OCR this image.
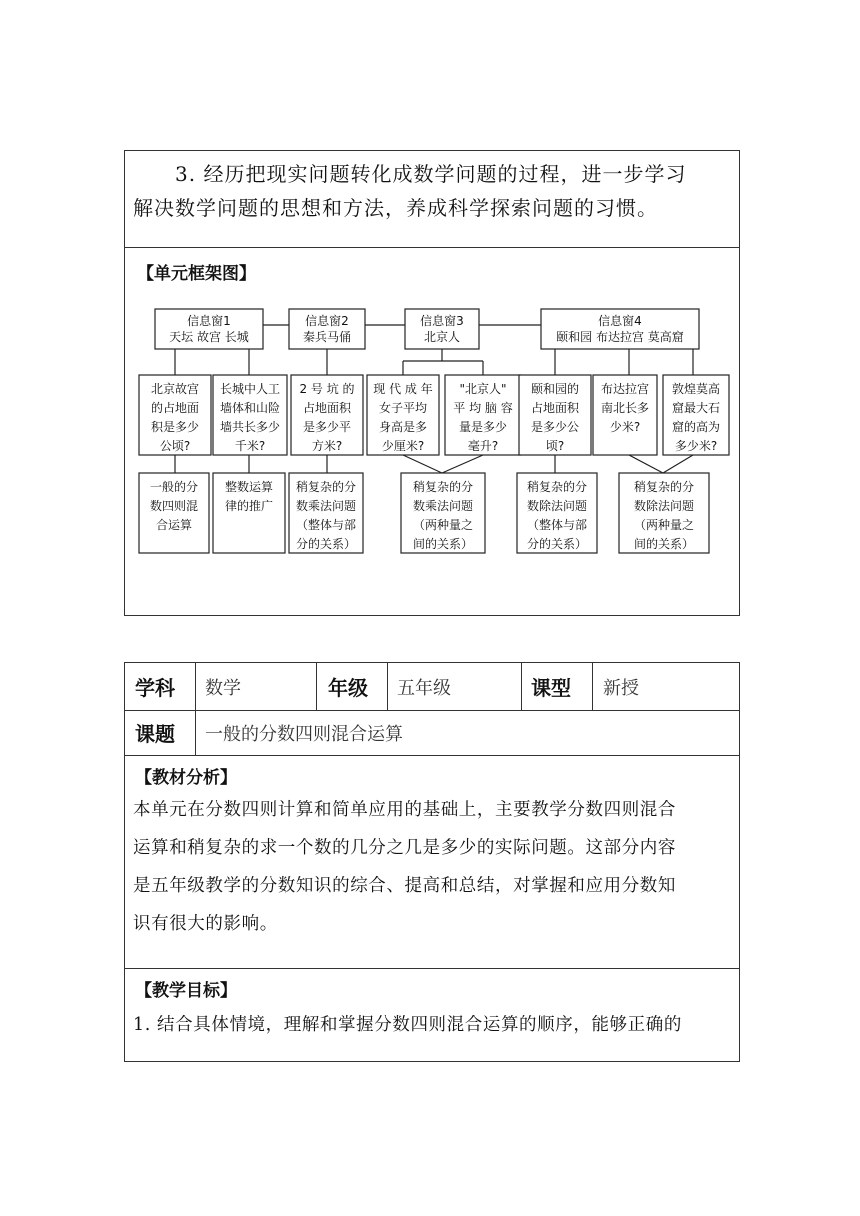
3. 经历把现实问题转化成数学问题的过程，进一步学习
解决数学问题的思想和方法，养成科学探索问题的习惯。
【单元框架图】
信息窗1
天坛 故宫 长城
信息窗2
秦兵马俑
信息窗3
北京人
信息窗4
颐和园 布达拉宫 莫高窟
北京故宫
的占地面
积是多少
公顷?
长城中人工
墙体和山险
墙共长多少
千米?
2 号 坑 的
占地面积
是多少平
方米?
现 代 成 年
女子平均
身高是多
少厘米?
"北京人"
平 均 脑 容
量是多少
毫升?
颐和园的
占地面积
是多少公
顷?
布达拉宫
南北长多
少米?
敦煌莫高
窟最大石
窟的高为
多少米?
一般的分
数四则混
合运算
整数运算
律的推广
稍复杂的分
数乘法问题
（整体与部
分的关系）
稍复杂的分
数乘法问题
（两种量之
间的关系）
稍复杂的分
数除法问题
（整体与部
分的关系）
稍复杂的分
数除法问题
（两种量之
间的关系）
学科 数学	年级 五年级	课型 新授
课题 一般的分数四则混合运算
【教材分析】
本单元在分数四则计算和简单应用的基础上，主要教学分数四则混合
运算和稍复杂的求一个数的几分之几是多少的实际问题。这部分内容
是五年级教学的分数知识的综合、提高和总结，对掌握和应用分数知
识有很大的影响。
【教学目标】
1. 结合具体情境，理解和掌握分数四则混合运算的顺序，能够正确的
